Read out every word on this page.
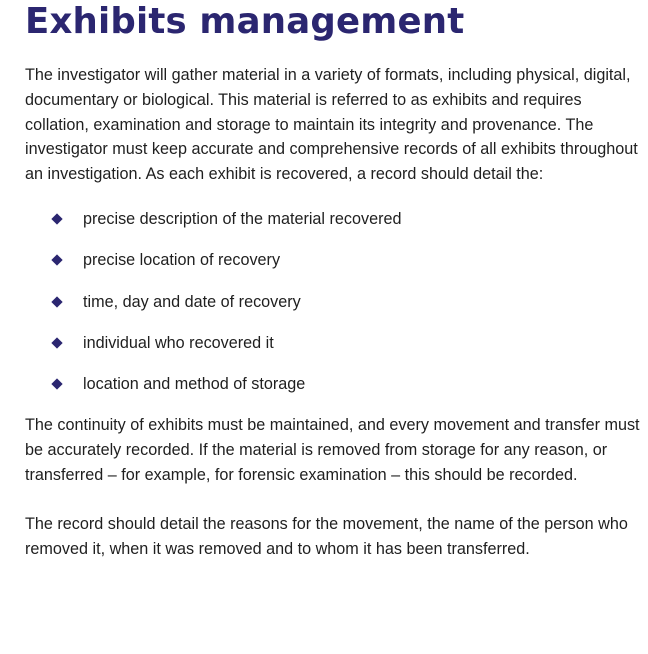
Exhibits management

The investigator will gather material in a variety of formats, including physical, digital, documentary or biological. This material is referred to as exhibits and requires collation, examination and storage to maintain its integrity and provenance. The investigator must keep accurate and comprehensive records of all exhibits throughout an investigation. As each exhibit is recovered, a record should detail the:

precise description of the material recovered
precise location of recovery
time, day and date of recovery
individual who recovered it
location and method of storage

The continuity of exhibits must be maintained, and every movement and transfer must be accurately recorded. If the material is removed from storage for any reason, or transferred – for example, for forensic examination – this should be recorded.

The record should detail the reasons for the movement, the name of the person who removed it, when it was removed and to whom it has been transferred.
